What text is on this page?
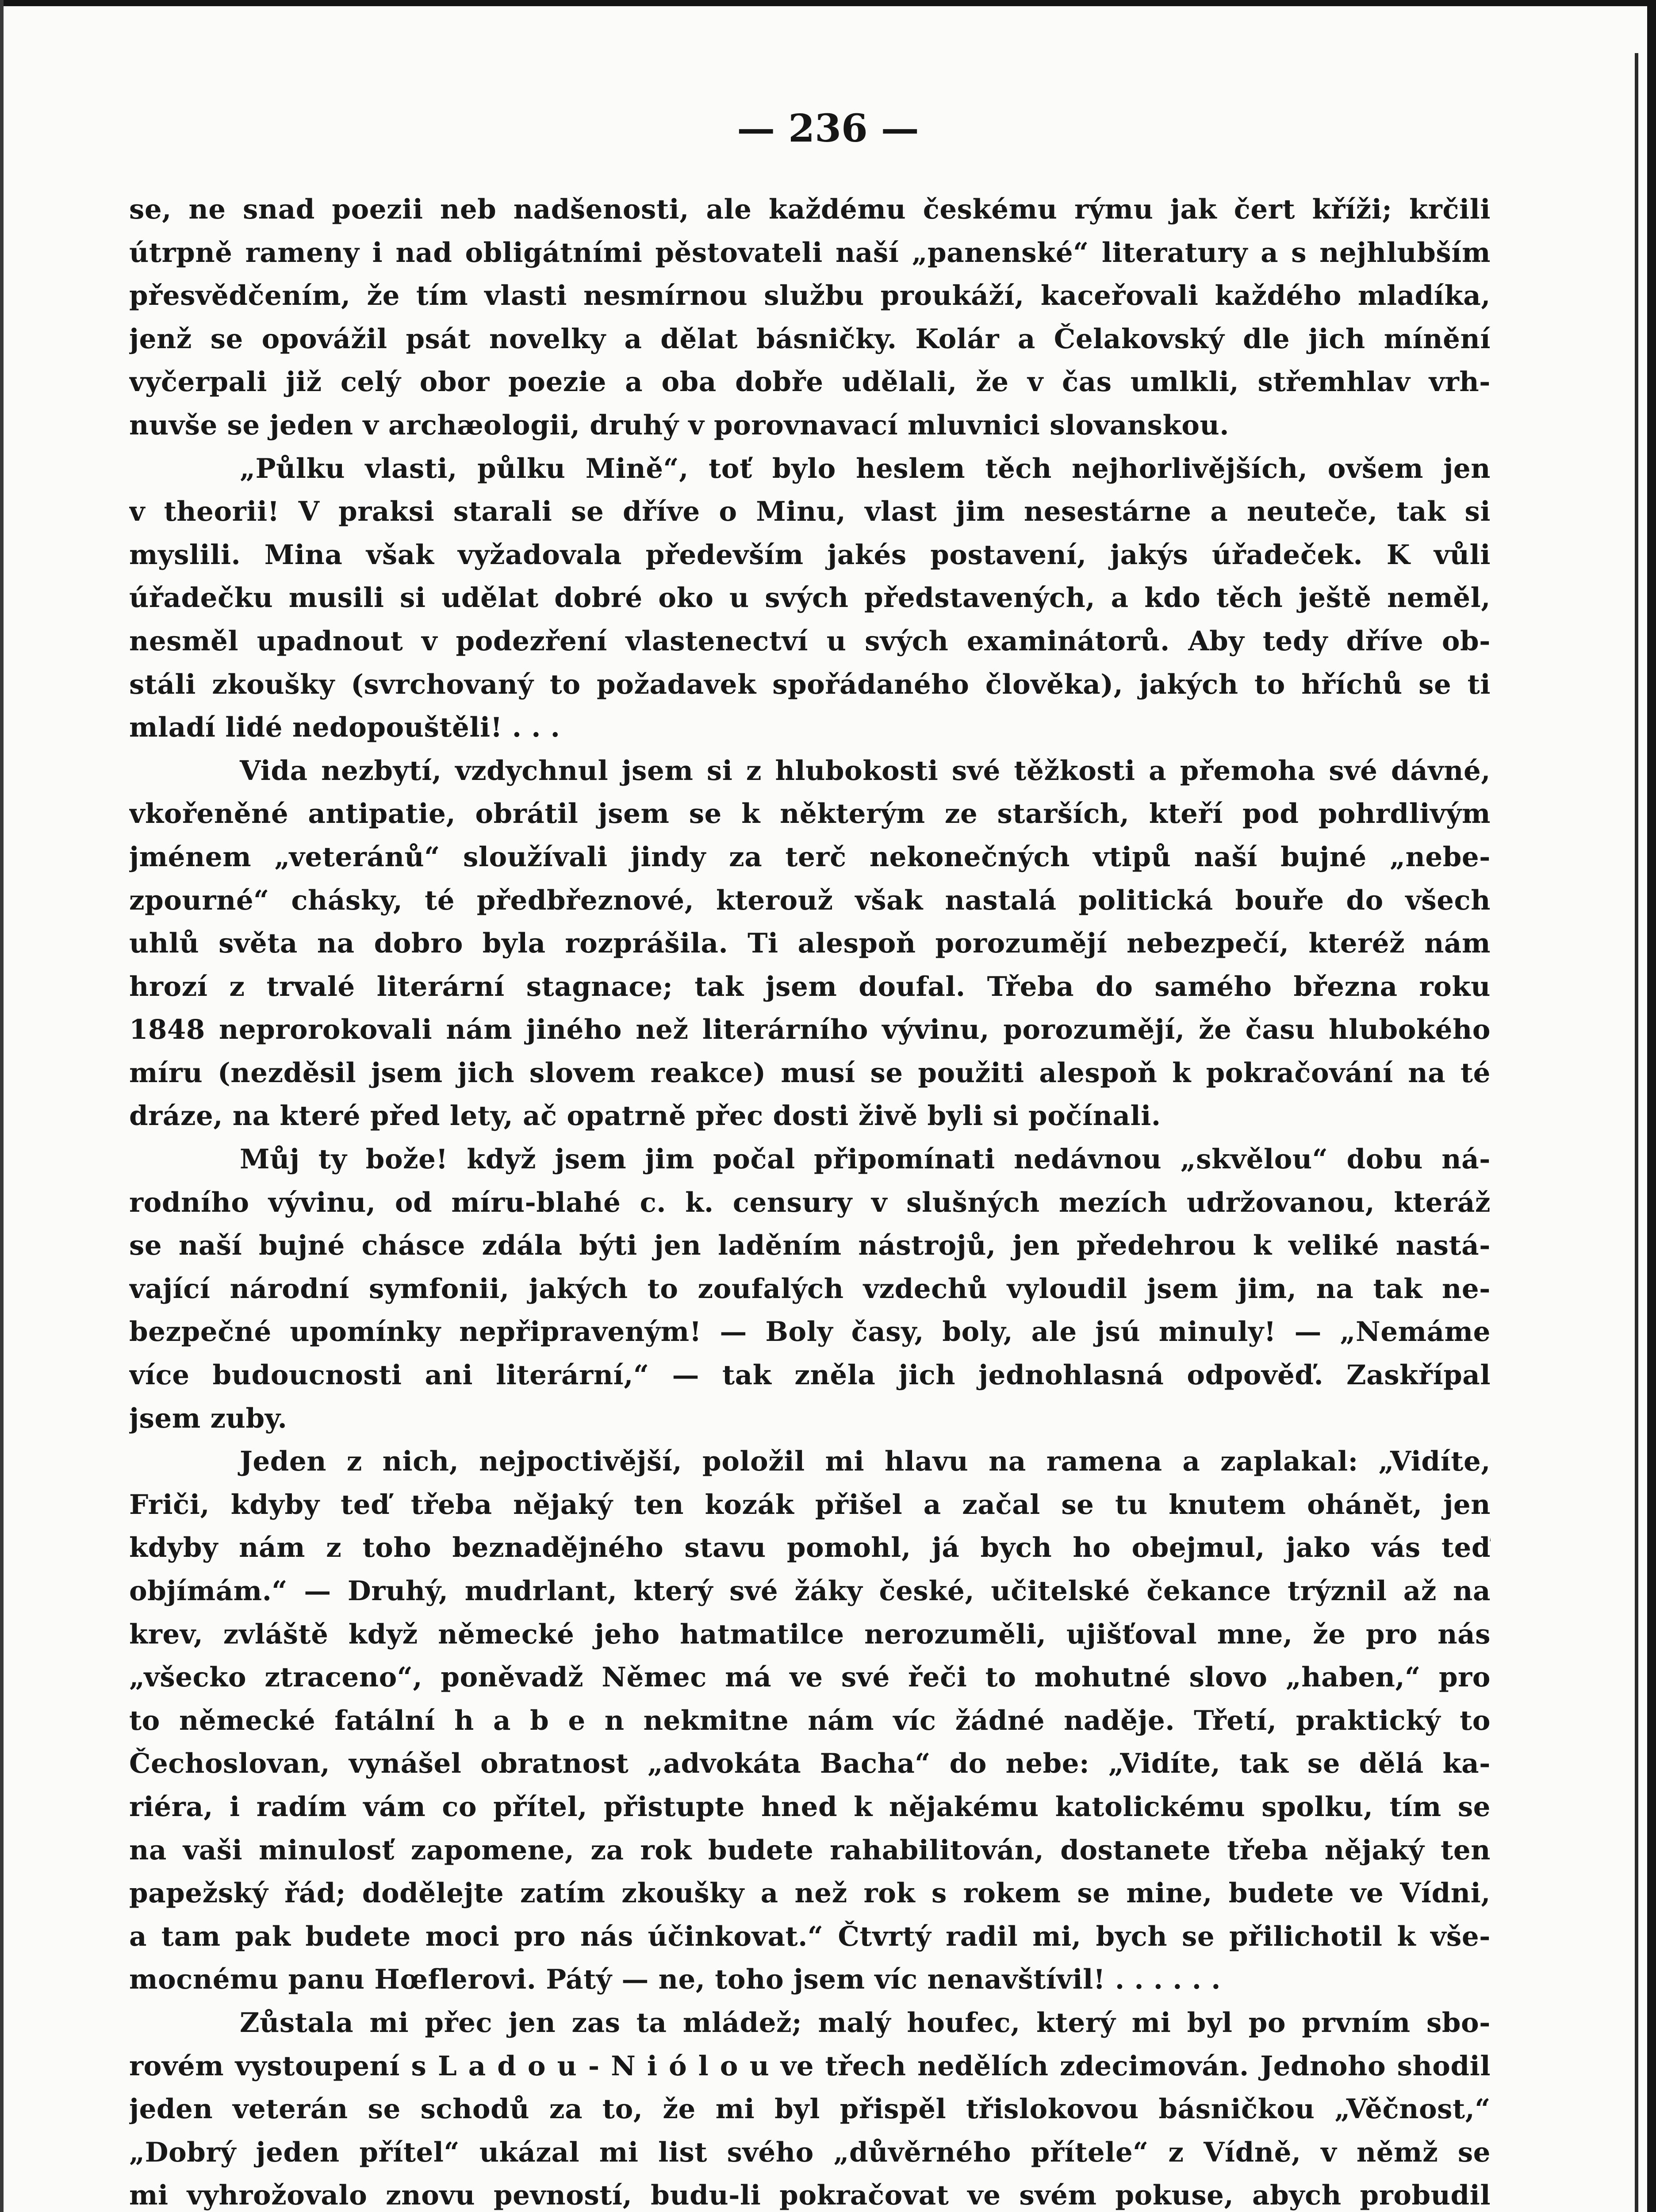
— 236 —
se, ne snad poezii neb nadšenosti, ale každému českému rýmu jak čert kříži; krčili
útrpně rameny i nad obligátními pěstovateli naší „panenské“ literatury a s nejhlubším
přesvědčením, že tím vlasti nesmírnou službu proukáží, kaceřovali každého mladíka,
jenž se opovážil psát novelky a dělat básničky. Kolár a Čelakovský dle jich mínění
vyčerpali již celý obor poezie a oba dobře udělali, že v čas umlkli, střemhlav vrh-
nuvše se jeden v archæologii, druhý v porovnavací mluvnici slovanskou.
„Půlku vlasti, půlku Mině“, toť bylo heslem těch nejhorlivějších, ovšem jen
v theorii! V praksi starali se dříve o Minu, vlast jim nesestárne a neuteče, tak si
myslili. Mina však vyžadovala především jakés postavení, jakýs úřadeček. K vůli
úřadečku musili si udělat dobré oko u svých představených, a kdo těch ještě neměl,
nesměl upadnout v podezření vlastenectví u svých examinátorů. Aby tedy dříve ob-
stáli zkoušky (svrchovaný to požadavek spořádaného člověka), jakých to hříchů se ti
mladí lidé nedopouštěli! . . .
Vida nezbytí, vzdychnul jsem si z hlubokosti své těžkosti a přemoha své dávné,
vkořeněné antipatie, obrátil jsem se k některým ze starších, kteří pod pohrdlivým
jménem „veteránů“ sloužívali jindy za terč nekonečných vtipů naší bujné „nebe-
zpourné“ chásky, té předbřeznové, kterouž však nastalá politická bouře do všech
uhlů světa na dobro byla rozprášila. Ti alespoň porozumějí nebezpečí, kteréž nám
hrozí z trvalé literární stagnace; tak jsem doufal. Třeba do samého března roku
1848 neprorokovali nám jiného než literárního vývinu, porozumějí, že času hlubokého
míru (nezděsil jsem jich slovem reakce) musí se použiti alespoň k pokračování na té
dráze, na které před lety, ač opatrně přec dosti živě byli si počínali.
Můj ty bože! když jsem jim počal připomínati nedávnou „skvělou“ dobu ná-
rodního vývinu, od míru-blahé c. k. censury v slušných mezích udržovanou, kteráž
se naší bujné chásce zdála býti jen laděním nástrojů, jen předehrou k veliké nastá-
vající národní symfonii, jakých to zoufalých vzdechů vyloudil jsem jim, na tak ne-
bezpečné upomínky nepřipraveným! — Boly časy, boly, ale jsú minuly! — „Nemáme
více budoucnosti ani literární,“ — tak zněla jich jednohlasná odpověď. Zaskřípal
jsem zuby.
Jeden z nich, nejpoctivější, položil mi hlavu na ramena a zaplakal: „Vidíte,
Friči, kdyby teď třeba nějaký ten kozák přišel a začal se tu knutem ohánět, jen
kdyby nám z toho beznadějného stavu pomohl, já bych ho obejmul, jako vás teď
objímám.“ — Druhý, mudrlant, který své žáky české, učitelské čekance trýznil až na
krev, zvláště když německé jeho hatmatilce nerozuměli, ujišťoval mne, že pro nás
„všecko ztraceno“, poněvadž Němec má ve své řeči to mohutné slovo „haben,“ pro
to německé fatální h a b e n nekmitne nám víc žádné naděje. Třetí, praktický to
Čechoslovan, vynášel obratnost „advokáta Bacha“ do nebe: „Vidíte, tak se dělá ka-
riéra, i radím vám co přítel, přistupte hned k nějakému katolickému spolku, tím se
na vaši minulosť zapomene, za rok budete rahabilitován, dostanete třeba nějaký ten
papežský řád; dodělejte zatím zkoušky a než rok s rokem se mine, budete ve Vídni,
a tam pak budete moci pro nás účinkovat.“ Čtvrtý radil mi, bych se přilichotil k vše-
mocnému panu Hœflerovi. Pátý — ne, toho jsem víc nenavštívil! . . . . . .
Zůstala mi přec jen zas ta mládež; malý houfec, který mi byl po prvním sbo-
rovém vystoupení s L a d o u - N i ó l o u ve třech nedělích zdecimován. Jednoho shodil
jeden veterán se schodů za to, že mi byl přispěl třislokovou básničkou „Věčnost,“
„Dobrý jeden přítel“ ukázal mi list svého „důvěrného přítele“ z Vídně, v němž se
mi vyhrožovalo znovu pevností, budu-li pokračovat ve svém pokuse, abych probudil
